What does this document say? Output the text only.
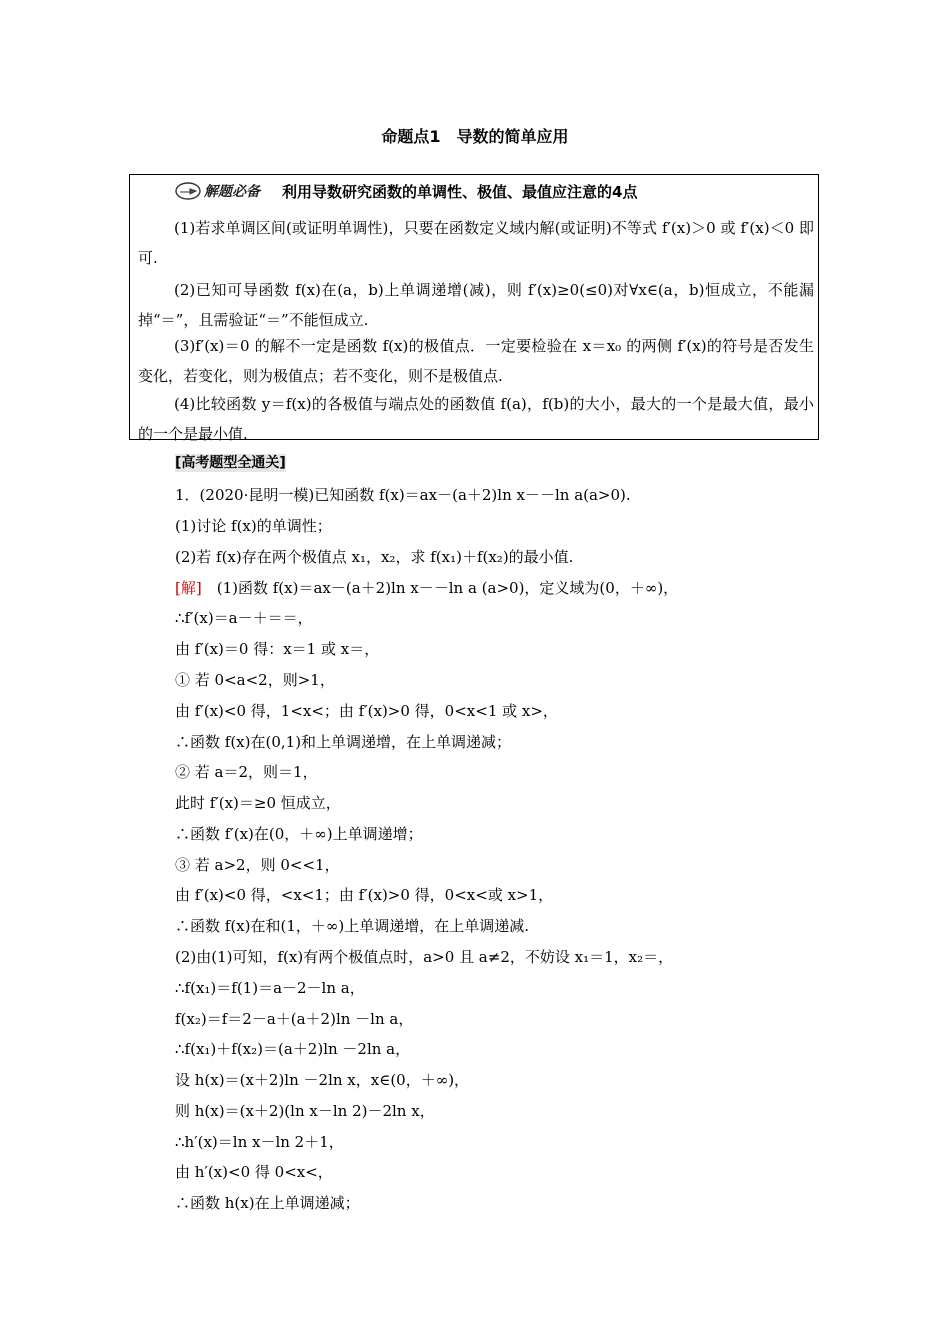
命题点1　导数的简单应用
解题必备 利用导数研究函数的单调性、极值、最值应注意的4点

(1)若求单调区间(或证明单调性)，只要在函数定义域内解(或证明)不等式 f′(x)＞0 或 f′(x)＜0 即可.

(2)已知可导函数 f(x)在(a，b)上单调递增(减)，则 f′(x)≥0(≤0)对∀x∈(a，b)恒成立，不能漏掉“＝”，且需验证“＝”不能恒成立.

(3)f′(x)＝0 的解不一定是函数 f(x)的极值点．一定要检验在 x＝x₀ 的两侧 f′(x)的符号是否发生变化，若变化，则为极值点；若不变化，则不是极值点.

(4)比较函数 y＝f(x)的各极值与端点处的函数值 f(a)，f(b)的大小，最大的一个是最大值，最小的一个是最小值.

[高考题型全通关]
1．(2020·昆明一模)已知函数 f(x)＝ax－(a＋2)ln x－－ln a(a>0).
(1)讨论 f(x)的单调性；
(2)若 f(x)存在两个极值点 x₁，x₂，求 f(x₁)＋f(x₂)的最小值.
[解]　(1)函数 f(x)＝ax－(a＋2)ln x－－ln a (a>0)，定义域为(0，＋∞)，
∴f′(x)＝a－＋＝＝，
由 f′(x)＝0 得：x＝1 或 x＝，
① 若 0<a<2，则>1，
由 f′(x)<0 得，1<x<；由 f′(x)>0 得，0<x<1 或 x>，
∴函数 f(x)在(0,1)和上单调递增，在上单调递减；
② 若 a＝2，则＝1，
此时 f′(x)＝≥0 恒成立，
∴函数 f′(x)在(0，＋∞)上单调递增；
③ 若 a>2，则 0<<1，
由 f′(x)<0 得，<x<1；由 f′(x)>0 得，0<x<或 x>1，
∴函数 f(x)在和(1，＋∞)上单调递增，在上单调递减.
(2)由(1)可知，f(x)有两个极值点时，a>0 且 a≠2，不妨设 x₁＝1，x₂＝，
∴f(x₁)＝f(1)＝a－2－ln a，
f(x₂)＝f＝2－a＋(a＋2)ln －ln a，
∴f(x₁)＋f(x₂)＝(a＋2)ln －2ln a，
设 h(x)＝(x＋2)ln －2ln x，x∈(0，＋∞)，
则 h(x)＝(x＋2)(ln x－ln 2)－2ln x，
∴h′(x)＝ln x－ln 2＋1，
由 h′(x)<0 得 0<x<，
∴函数 h(x)在上单调递减；
